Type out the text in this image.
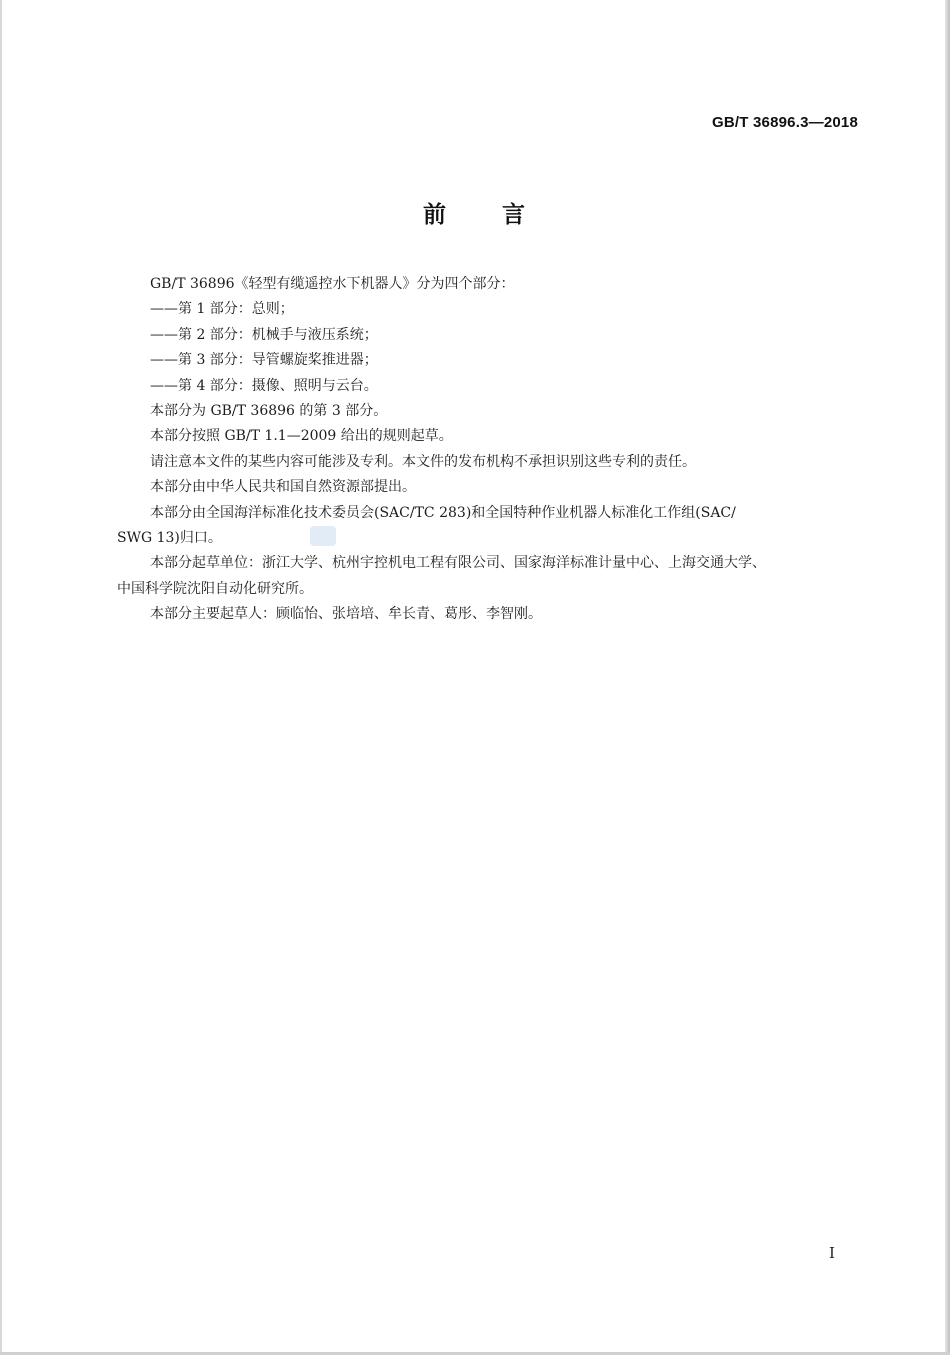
GB/T 36896.3—2018
前 言

GB/T 36896《轻型有缆遥控水下机器人》分为四个部分：

——第 1 部分：总则；

——第 2 部分：机械手与液压系统；

——第 3 部分：导管螺旋桨推进器；

——第 4 部分：摄像、照明与云台。

本部分为 GB/T 36896 的第 3 部分。

本部分按照 GB/T 1.1—2009 给出的规则起草。

请注意本文件的某些内容可能涉及专利。本文件的发布机构不承担识别这些专利的责任。

本部分由中华人民共和国自然资源部提出。

本部分由全国海洋标准化技术委员会(SAC/TC 283)和全国特种作业机器人标准化工作组(SAC/
SWG 13)归口。
本部分起草单位：浙江大学、杭州宇控机电工程有限公司、国家海洋标准计量中心、上海交通大学、
中国科学院沈阳自动化研究所。

本部分主要起草人：顾临怡、张培培、牟长青、葛彤、李智刚。

I
